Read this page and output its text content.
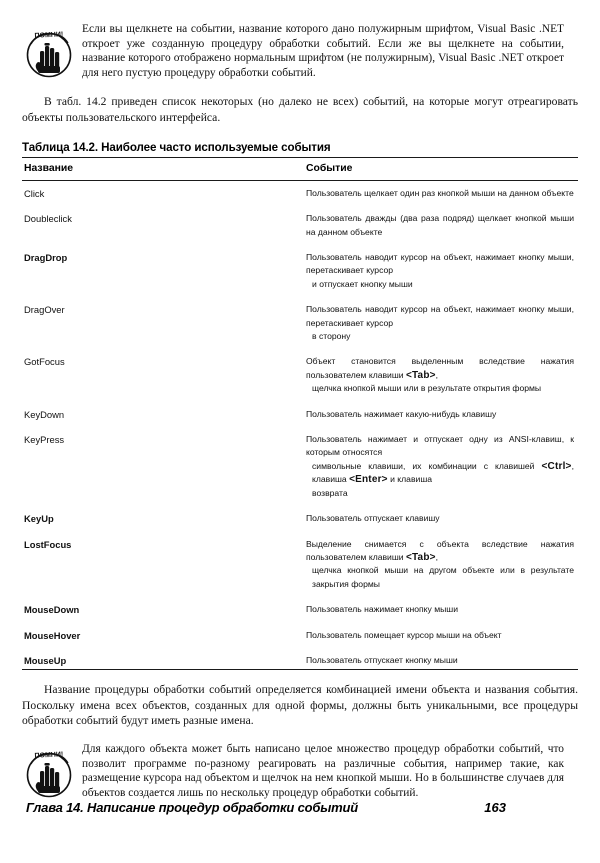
ПОМНИ!

Если вы щелкнете на событии, название которого дано полужирным шрифтом, Visual Basic .NET откроет уже созданную процедуру обработки событий. Если же вы щелкнете на событии, название которого отображено нормальным шрифтом (не полужирным), Visual Basic .NET откроет для него пустую процедуру обработки событий.

В табл. 14.2 приведен список некоторых (но далеко не всех) событий, на которые могут отреагировать объекты пользовательского интерфейса.

Таблица 14.2. Наиболее часто используемые события

Название	Событие
Click	Пользователь щелкает один раз кнопкой мыши на данном объекте
Doubleclick	Пользователь дважды (два раза подряд) щелкает кнопкой мыши на данном объекте
DragDrop	Пользователь наводит курсор на объект, нажимает кнопку мыши, перетаскивает курсор
и отпускает кнопку мыши

DragOver	Пользователь наводит курсор на объект, нажимает кнопку мыши, перетаскивает курсор
в сторону

GotFocus	Объект становится выделенным вследствие нажатия пользователем клавиши <Tab>,
щелчка кнопкой мыши или в результате открытия формы

KeyDown	Пользователь нажимает какую-нибудь клавишу
KeyPress	Пользователь нажимает и отпускает одну из ANSI-клавиш, к которым относятся
символьные клавиши, их комбинации с клавишей <Ctrl>, клавиша <Enter> и клавиша
возврата

KeyUp	Пользователь отпускает клавишу
LostFocus	Выделение снимается с объекта вследствие нажатия пользователем клавиши <Tab>,
щелчка кнопкой мыши на другом объекте или в результате закрытия формы

MouseDown	Пользователь нажимает кнопку мыши
MouseHover	Пользователь помещает курсор мыши на объект
MouseUp	Пользователь отпускает кнопку мыши

Название процедуры обработки событий определяется комбинацией имени объекта и названия события. Поскольку имена всех объектов, созданных для одной формы, должны быть уникальными, все процедуры обработки событий будут иметь разные имена.

ПОМНИ!

Для каждого объекта может быть написано целое множество процедур обработки событий, что позволит программе по-разному реагировать на различные события, например такие, как размещение курсора над объектом и щелчок на нем кнопкой мыши. Но в большинстве случаев для объектов создается лишь по нескольку процедур обработки событий.

Глава 14. Написание процедур обработки событий	163
